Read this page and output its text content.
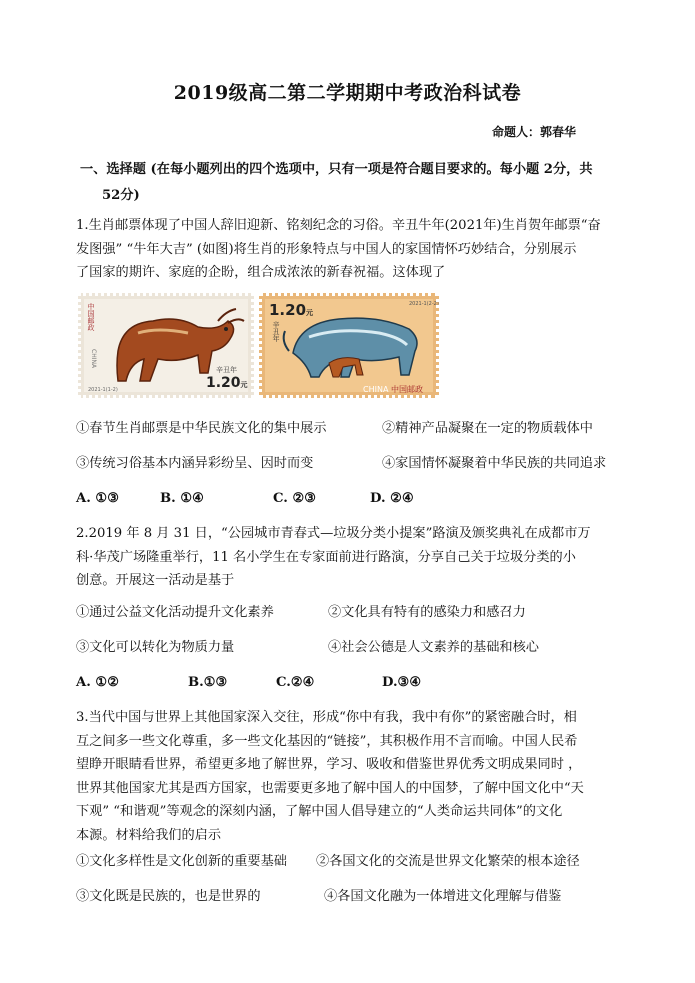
2019级高二第二学期期中考政治科试卷
命题人：郭春华
一、选择题 (在每小题列出的四个选项中，只有一项是符合题目要求的。每小题 2分，共
52分)
1.生肖邮票体现了中国人辞旧迎新、铭刻纪念的习俗。辛丑牛年(2021年)生肖贺年邮票“奋
发图强” “牛年大吉” (如图)将生肖的形象特点与中国人的家国情怀巧妙结合，分别展示
了国家的期许、家庭的企盼，组合成浓浓的新春祝福。这体现了
中国邮政
CHINA
辛丑年
1.20元
2021-1(1-2)
1.20元
辛丑年
CHINA 中国邮政
2021-1(2-2)
①春节生肖邮票是中华民族文化的集中展示	②精神产品凝聚在一定的物质载体中
③传统习俗基本内涵异彩纷呈、因时而变	④家国情怀凝聚着中华民族的共同追求
A. ①③	B. ①④	C. ②③	D. ②④
2.2019 年 8 月 31 日，“公园城市青春式—垃圾分类小提案”路演及颁奖典礼在成都市万
科·华茂广场隆重举行，11 名小学生在专家面前进行路演，分享自己关于垃圾分类的小
创意。开展这一活动是基于
①通过公益文化活动提升文化素养	②文化具有特有的感染力和感召力
③文化可以转化为物质力量	④社会公德是人文素养的基础和核心
A. ①②	B.①③	C.②④	D.③④
3.当代中国与世界上其他国家深入交往，形成“你中有我，我中有你”的紧密融合时，相
互之间多一些文化尊重，多一些文化基因的“链接”，其积极作用不言而喻。中国人民希
望睁开眼睛看世界，希望更多地了解世界，学习、吸收和借鉴世界优秀文明成果同时 ，
世界其他国家尤其是西方国家，也需要更多地了解中国人的中国梦，了解中国文化中“天
下观” “和谐观”等观念的深刻内涵，了解中国人倡导建立的“人类命运共同体”的文化
本源。材料给我们的启示
①文化多样性是文化创新的重要基础 ②各国文化的交流是世界文化繁荣的根本途径
③文化既是民族的，也是世界的	④各国文化融为一体增进文化理解与借鉴
